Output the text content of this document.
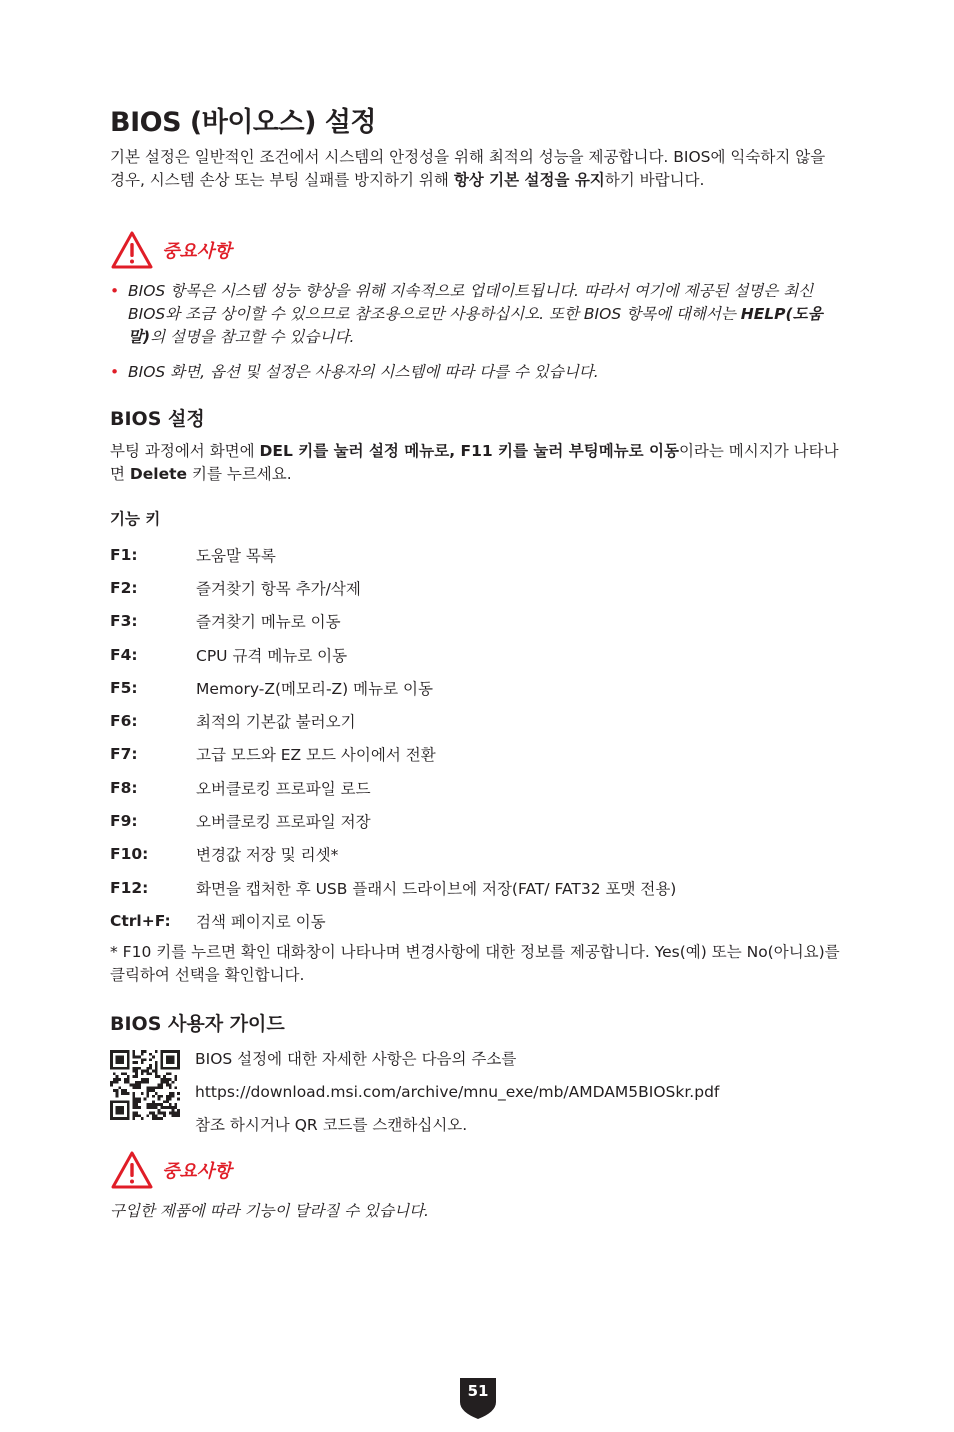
BIOS (바이오스) 설정

기본 설정은 일반적인 조건에서 시스템의 안정성을 위해 최적의 성능을 제공합니다. BIOS에 익숙하지 않을 경우, 시스템 손상 또는 부팅 실패를 방지하기 위해 항상 기본 설정을 유지하기 바랍니다.

중요사항
• BIOS 항목은 시스템 성능 향상을 위해 지속적으로 업데이트됩니다. 따라서 여기에 제공된 설명은 최신 BIOS와 조금 상이할 수 있으므로 참조용으로만 사용하십시오. 또한 BIOS 항목에 대해서는 HELP(도움말)의 설명을 참고할 수 있습니다.
• BIOS 화면, 옵션 및 설정은 사용자의 시스템에 따라 다를 수 있습니다.
BIOS 설정

부팅 과정에서 화면에 DEL 키를 눌러 설정 메뉴로, F11 키를 눌러 부팅메뉴로 이동이라는 메시지가 나타나면 Delete 키를 누르세요.

기능 키
F1:	도움말 목록
F2:	즐겨찾기 항목 추가/삭제
F3:	즐겨찾기 메뉴로 이동
F4:	CPU 규격 메뉴로 이동
F5:	Memory-Z(메모리-Z) 메뉴로 이동
F6:	최적의 기본값 불러오기
F7:	고급 모드와 EZ 모드 사이에서 전환
F8:	오버클로킹 프로파일 로드
F9:	오버클로킹 프로파일 저장
F10:	변경값 저장 및 리셋*
F12:	화면을 캡처한 후 USB 플래시 드라이브에 저장(FAT/ FAT32 포맷 전용)
Ctrl+F:	검색 페이지로 이동

* F10 키를 누르면 확인 대화창이 나타나며 변경사항에 대한 정보를 제공합니다. Yes(예) 또는 No(아니요)를 클릭하여 선택을 확인합니다.

BIOS 사용자 가이드

BIOS 설정에 대한 자세한 사항은 다음의 주소를

https://download.msi.com/archive/mnu_exe/mb/AMDAM5BIOSkr.pdf

참조 하시거나 QR 코드를 스캔하십시오.

중요사항
구입한 제품에 따라 기능이 달라질 수 있습니다.
51
